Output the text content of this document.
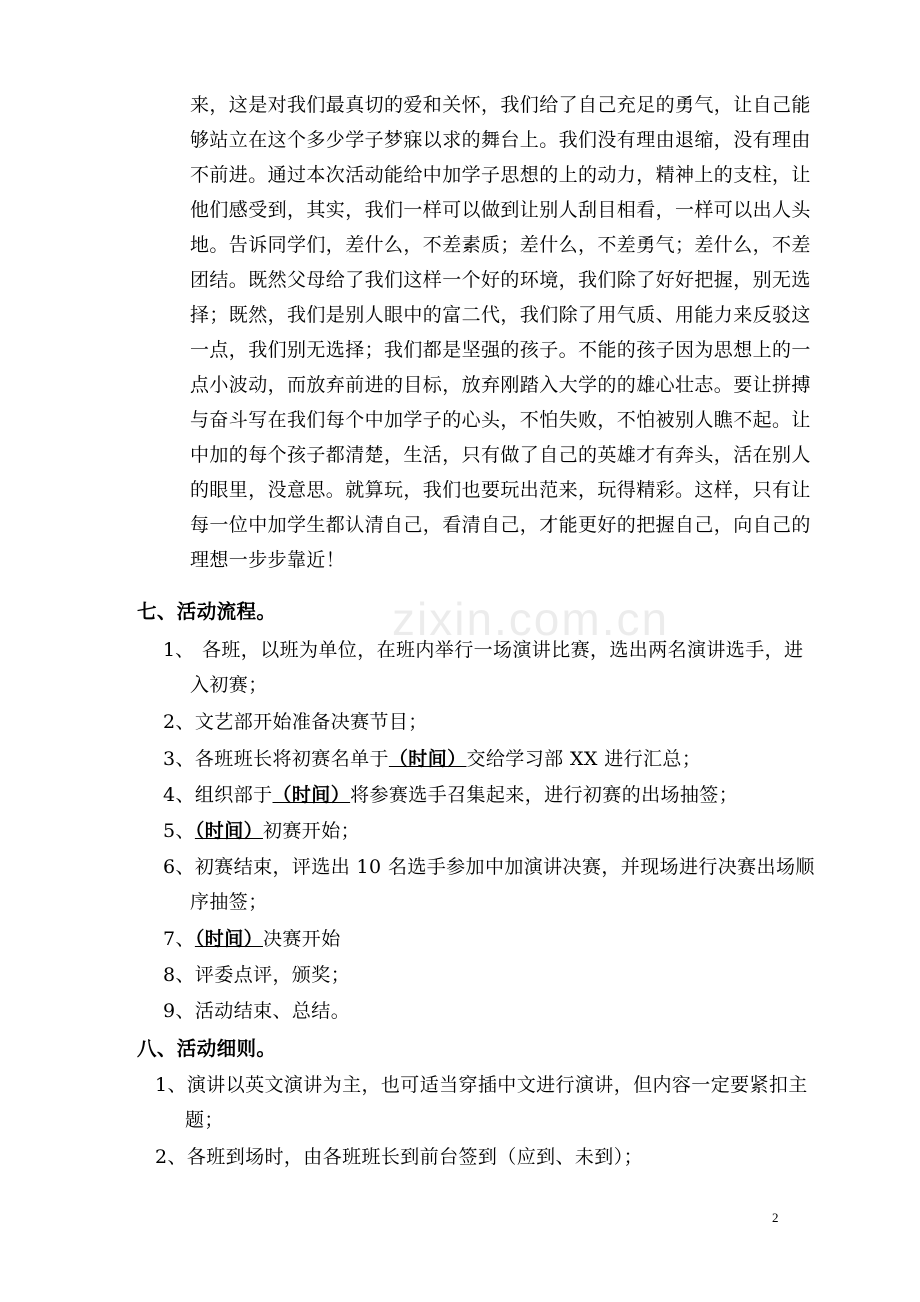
来，这是对我们最真切的爱和关怀，我们给了自己充足的勇气，让自己能
够站立在这个多少学子梦寐以求的舞台上。我们没有理由退缩，没有理由
不前进。通过本次活动能给中加学子思想的上的动力，精神上的支柱，让
他们感受到，其实，我们一样可以做到让别人刮目相看，一样可以出人头
地。告诉同学们，差什么，不差素质；差什么，不差勇气；差什么，不差
团结。既然父母给了我们这样一个好的环境，我们除了好好把握，别无选
择；既然，我们是别人眼中的富二代，我们除了用气质、用能力来反驳这
一点，我们别无选择；我们都是坚强的孩子。不能的孩子因为思想上的一
点小波动，而放弃前进的目标，放弃刚踏入大学的的雄心壮志。要让拼搏
与奋斗写在我们每个中加学子的心头，不怕失败，不怕被别人瞧不起。让
中加的每个孩子都清楚，生活，只有做了自己的英雄才有奔头，活在别人
的眼里，没意思。就算玩，我们也要玩出范来，玩得精彩。这样，只有让
每一位中加学生都认清自己，看清自己，才能更好的把握自己，向自己的
理想一步步靠近！
七、活动流程。
1、 各班，以班为单位，在班内举行一场演讲比赛，选出两名演讲选手，进
入初赛；
2、文艺部开始准备决赛节目；
3、各班班长将初赛名单于（时间）交给学习部 XX 进行汇总；
4、组织部于（时间）将参赛选手召集起来，进行初赛的出场抽签；
5、（时间）初赛开始；
6、初赛结束，评选出 10 名选手参加中加演讲决赛，并现场进行决赛出场顺
序抽签；
7、（时间）决赛开始
8、评委点评，颁奖；
9、活动结束、总结。
八、活动细则。
1、演讲以英文演讲为主，也可适当穿插中文进行演讲，但内容一定要紧扣主
题；
2、各班到场时，由各班班长到前台签到（应到、未到）；
zixin.com.cn
2
